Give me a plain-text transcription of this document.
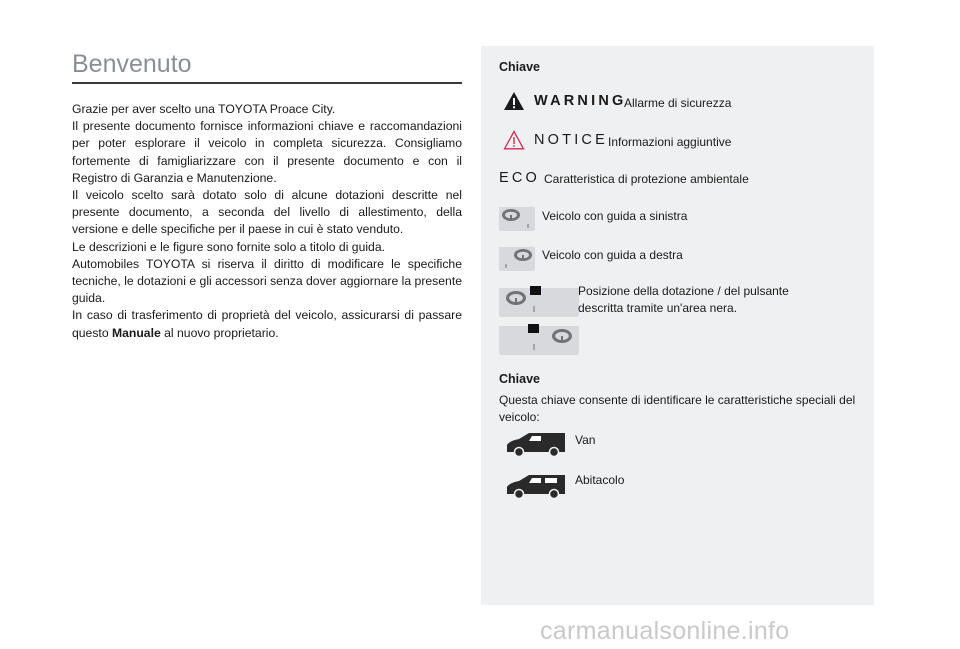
Benvenuto

Grazie per aver scelto una TOYOTA Proace City.

Il presente documento fornisce informazioni chiave e raccomandazioni per poter esplorare il veicolo in completa sicurezza. Consigliamo fortemente di famigliarizzare con il presente documento e con il Registro di Garanzia e Manutenzione.

Il veicolo scelto sarà dotato solo di alcune dotazioni descritte nel presente documento, a seconda del livello di allestimento, della versione e delle specifiche per il paese in cui è stato venduto.

Le descrizioni e le figure sono fornite solo a titolo di guida.

Automobiles TOYOTA si riserva il diritto di modificare le specifiche tecniche, le dotazioni e gli accessori senza dover aggiornare la presente guida.

In caso di trasferimento di proprietà del veicolo, assicurarsi di passare questo Manuale al nuovo proprietario.

Chiave
WARNING
Allarme di sicurezza
NOTICE Informazioni aggiuntive
ECO Caratteristica di protezione ambientale
Veicolo con guida a sinistra
Veicolo con guida a destra
Posizione della dotazione / del pulsante
descritta tramite un'area nera.
Chiave
Questa chiave consente di identificare le caratteristiche speciali del veicolo:
Van
Abitacolo
carmanualsonline.info
